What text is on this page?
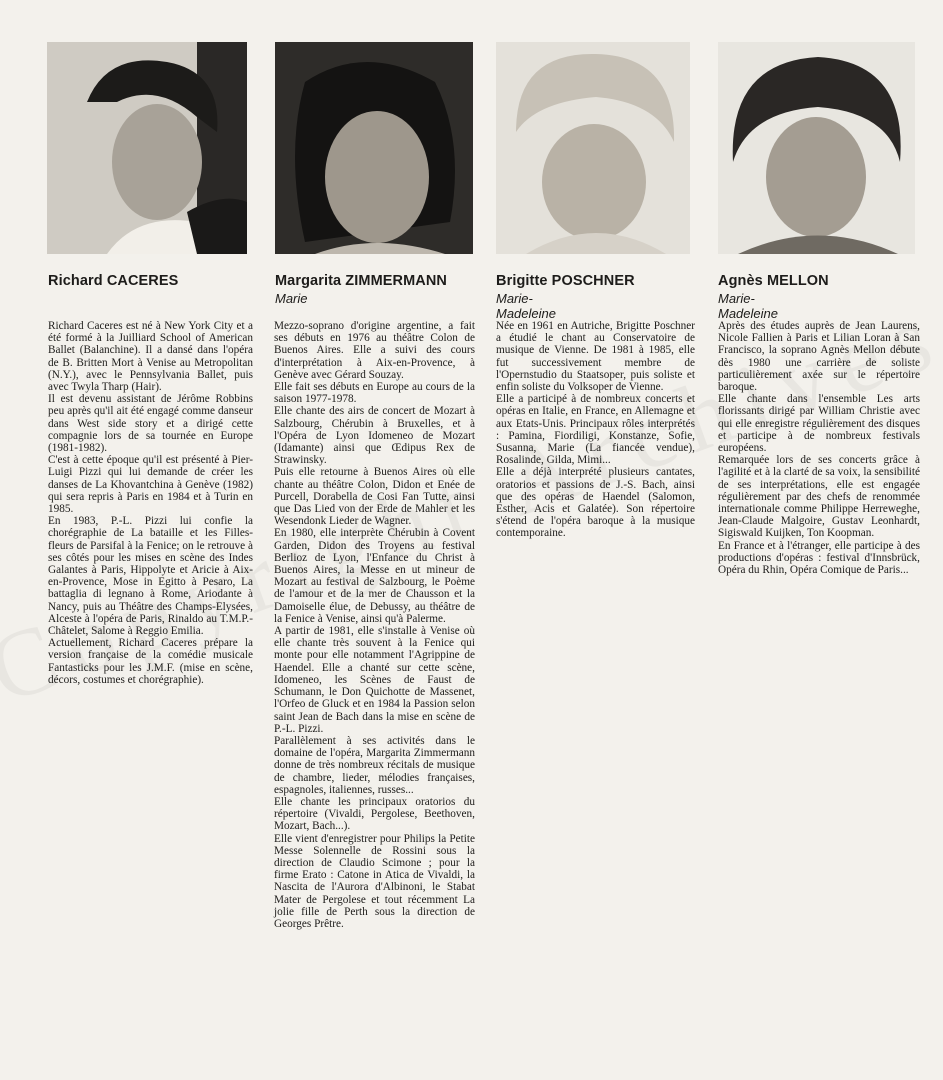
Richard CACERES

Richard Caceres est né à New York City et a été formé à la Juilliard School of American Ballet (Balanchine). Il a dansé dans l'opéra de B. Britten Mort à Venise au Metropolitan (N.Y.), avec le Pennsylvania Ballet, puis avec Twyla Tharp (Hair).

Il est devenu assistant de Jérôme Robbins peu après qu'il ait été engagé comme danseur dans West side story et a dirigé cette compagnie lors de sa tournée en Europe (1981-1982).

C'est à cette époque qu'il est présenté à Pier-Luigi Pizzi qui lui demande de créer les danses de La Khovantchina à Genève (1982) qui sera repris à Paris en 1984 et à Turin en 1985.

En 1983, P.-L. Pizzi lui confie la chorégraphie de La bataille et les Filles-fleurs de Parsifal à la Fenice; on le retrouve à ses côtés pour les mises en scène des Indes Galantes à Paris, Hippolyte et Aricie à Aix-en-Provence, Mose in Egitto à Pesaro, La battaglia di legnano à Rome, Ariodante à Nancy, puis au Théâtre des Champs-Elysées, Alceste à l'opéra de Paris, Rinaldo au T.M.P.-Châtelet, Salome à Reggio Emilia.

Actuellement, Richard Caceres prépare la version française de la comédie musicale Fantasticks pour les J.M.F. (mise en scène, décors, costumes et chorégraphie).

Margarita ZIMMERMANN
Marie

Mezzo-soprano d'origine argentine, a fait ses débuts en 1976 au théâtre Colon de Buenos Aires. Elle a suivi des cours d'interprétation à Aix-en-Provence, à Genève avec Gérard Souzay.

Elle fait ses débuts en Europe au cours de la saison 1977-1978.

Elle chante des airs de concert de Mozart à Salzbourg, Chérubin à Bruxelles, et à l'Opéra de Lyon Idomeneo de Mozart (Idamante) ainsi que Œdipus Rex de Strawinsky.

Puis elle retourne à Buenos Aires où elle chante au théâtre Colon, Didon et Enée de Purcell, Dorabella de Cosi Fan Tutte, ainsi que Das Lied von der Erde de Mahler et les Wesendonk Lieder de Wagner.

En 1980, elle interprète Chérubin à Covent Garden, Didon des Troyens au festival Berlioz de Lyon, l'Enfance du Christ à Buenos Aires, la Messe en ut mineur de Mozart au festival de Salzbourg, le Poème de l'amour et de la mer de Chausson et la Damoiselle élue, de Debussy, au théâtre de la Fenice à Venise, ainsi qu'à Palerme.

A partir de 1981, elle s'installe à Venise où elle chante très souvent à la Fenice qui monte pour elle notamment l'Agrippine de Haendel. Elle a chanté sur cette scène, Idomeneo, les Scènes de Faust de Schumann, le Don Quichotte de Massenet, l'Orfeo de Gluck et en 1984 la Passion selon saint Jean de Bach dans la mise en scène de P.-L. Pizzi.

Parallèlement à ses activités dans le domaine de l'opéra, Margarita Zimmermann donne de très nombreux récitals de musique de chambre, lieder, mélodies françaises, espagnoles, italiennes, russes...

Elle chante les principaux oratorios du répertoire (Vivaldi, Pergolese, Beethoven, Mozart, Bach...).

Elle vient d'enregistrer pour Philips la Petite Messe Solennelle de Rossini sous la direction de Claudio Scimone ; pour la firme Erato : Catone in Atica de Vivaldi, la Nascita de l'Aurora d'Albinoni, le Stabat Mater de Pergolese et tout récemment La jolie fille de Perth sous la direction de Georges Prêtre.

Brigitte POSCHNER
Marie-Madeleine

Née en 1961 en Autriche, Brigitte Poschner a étudié le chant au Conservatoire de musique de Vienne. De 1981 à 1985, elle fut successivement membre de l'Opernstudio du Staatsoper, puis soliste et enfin soliste du Volksoper de Vienne.

Elle a participé à de nombreux concerts et opéras en Italie, en France, en Allemagne et aux Etats-Unis. Principaux rôles interprétés : Pamina, Fiordiligi, Konstanze, Sofie, Susanna, Marie (La fiancée vendue), Rosalinde, Gilda, Mimi...

Elle a déjà interprété plusieurs cantates, oratorios et passions de J.-S. Bach, ainsi que des opéras de Haendel (Salomon, Esther, Acis et Galatée). Son répertoire s'étend de l'opéra baroque à la musique contemporaine.

Agnès MELLON
Marie-Madeleine

Après des études auprès de Jean Laurens, Nicole Fallien à Paris et Lilian Loran à San Francisco, la soprano Agnès Mellon débute dès 1980 une carrière de soliste particulièrement axée sur le répertoire baroque.

Elle chante dans l'ensemble Les arts florissants dirigé par William Christie avec qui elle enregistre régulièrement des disques et participe à de nombreux festivals européens.

Remarquée lors de ses concerts grâce à l'agilité et à la clarté de sa voix, la sensibilité de ses interprétations, elle est engagée régulièrement par des chefs de renommée internationale comme Philippe Herreweghe, Jean-Claude Malgoire, Gustav Leonhardt, Sigiswald Kuijken, Ton Koopman.

En France et à l'étranger, elle participe à des productions d'opéras : festival d'Innsbrück, Opéra du Rhin, Opéra Comique de Paris...
